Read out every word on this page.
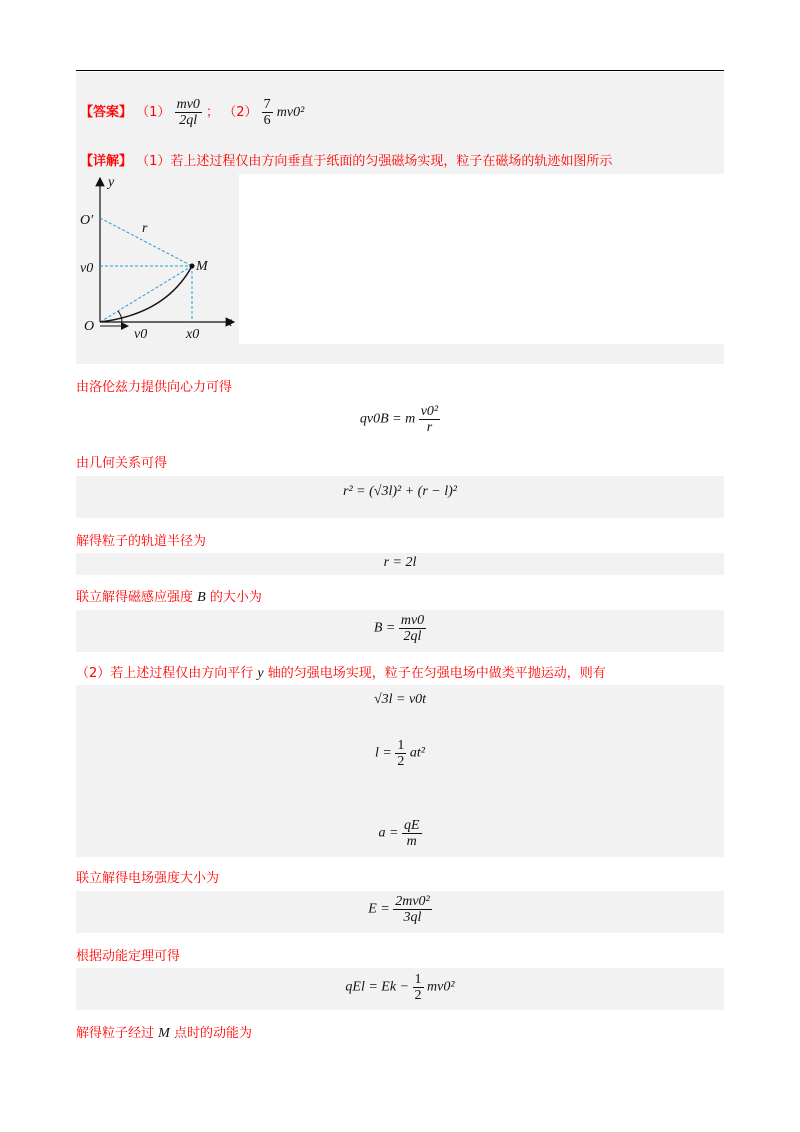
【答案】 $(1) \frac{mv0}{2ql}$ ； $(2) \frac{7}{6} mv0^2$
【详解】 （1）若上述过程仅由方向垂直于纸面的匀强磁场实现，粒子在磁场的轨迹如图所示
y
O′
r
v0	M
O
v0	x0
x
由洛伦兹力提供向心力可得
qv0B = m $\frac{\text{v0²}}{r}$
由几何关系可得
r² = (√3l)² + (r − l)²
解得粒子的轨道半径为
r = 2l
联立解得磁感应强度 B 的大小为
$B = \frac{mv0}{2ql}$
（2）若上述过程仅由方向平行 y 轴的匀强电场实现，粒子在匀强电场中做类平抛运动，则有
√3l = v0t
$l = \frac{1}{2} at^2$
$a = \frac{qE}{m}$
联立解得电场强度大小为
$E = \frac{\text{2mv0²}}{3ql}$
根据动能定理可得
qEl = $Ek - \frac{1}{2} mv0^2$
解得粒子经过 M 点时的动能为
